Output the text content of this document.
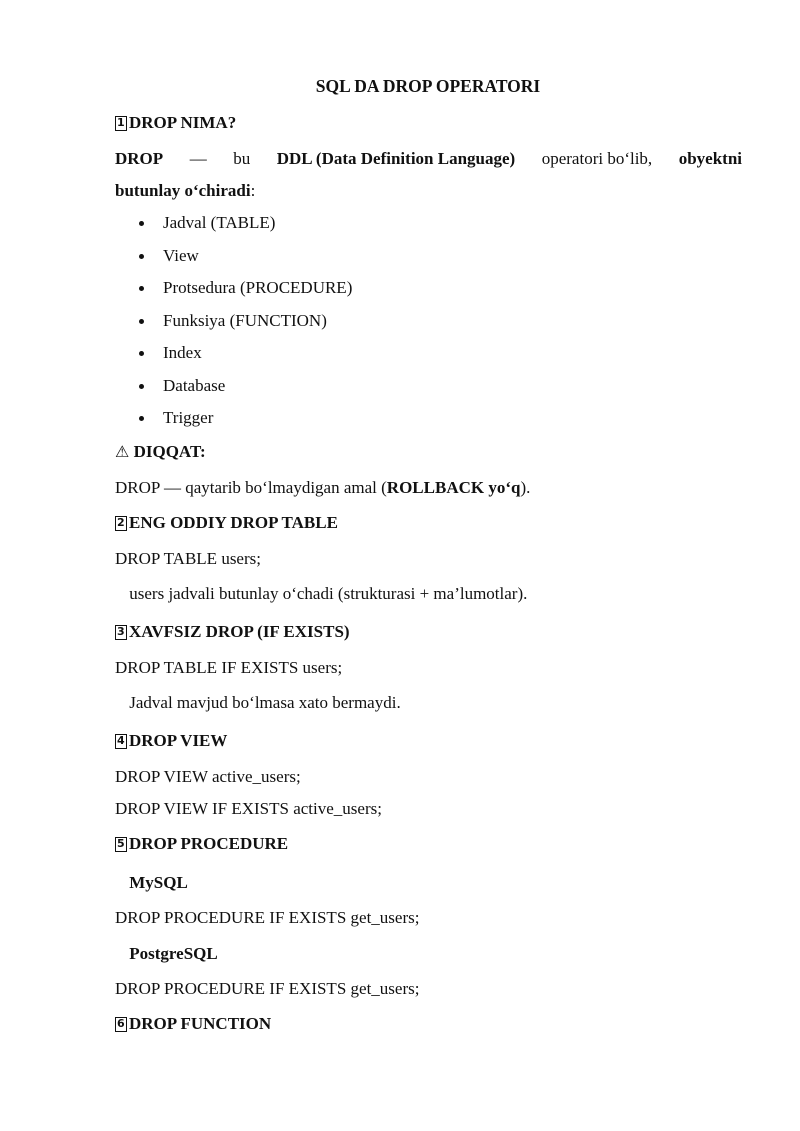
SQL DA DROP OPERATORI
1 DROP NIMA?
DROP — bu DDL (Data Definition Language) operatori bo‘lib, obyektni
butunlay o‘chiradi:
Jadval (TABLE)
View
Protsedura (PROCEDURE)
Funksiya (FUNCTION)
Index
Database
Trigger
⚠ DIQQAT:
DROP — qaytarib bo‘lmaydigan amal (ROLLBACK yo‘q).
2 ENG ODDIY DROP TABLE
DROP TABLE users;
users jadvali butunlay o‘chadi (strukturasi + ma’lumotlar).
3 XAVFSIZ DROP (IF EXISTS)
DROP TABLE IF EXISTS users;
Jadval mavjud bo‘lmasa xato bermaydi.
4 DROP VIEW
DROP VIEW active_users;
DROP VIEW IF EXISTS active_users;
5 DROP PROCEDURE
MySQL
DROP PROCEDURE IF EXISTS get_users;
PostgreSQL
DROP PROCEDURE IF EXISTS get_users;
6 DROP FUNCTION
